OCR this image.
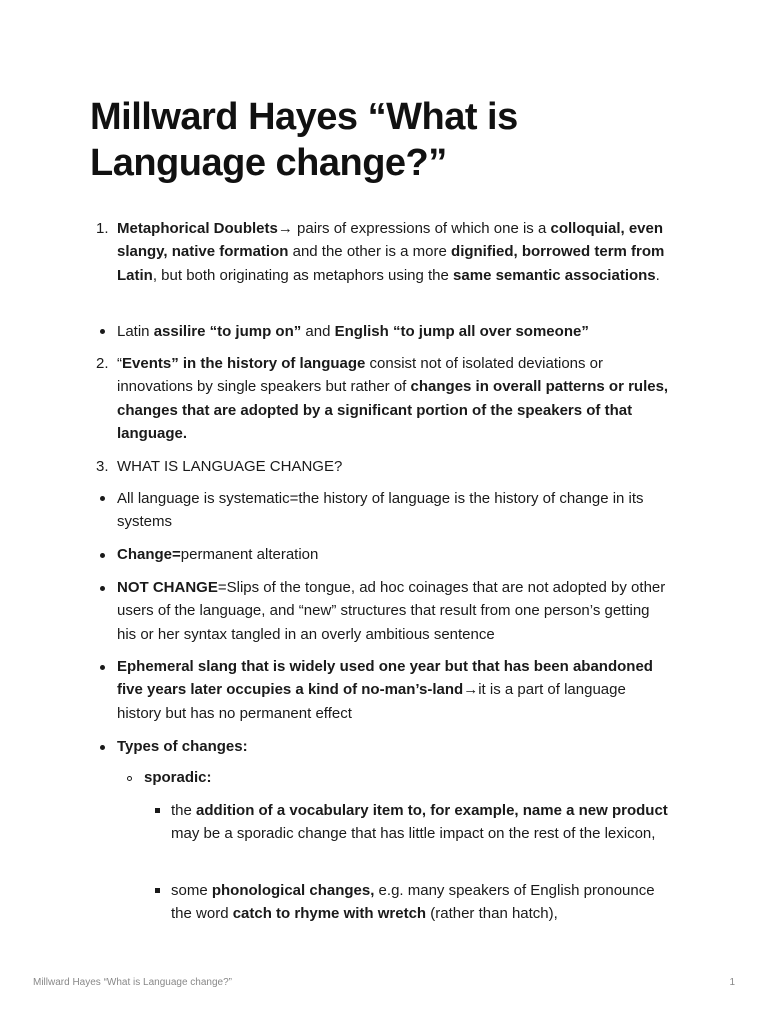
Millward Hayes “What is Language change?”
1. Metaphorical Doublets→ pairs of expressions of which one is a colloquial, even slangy, native formation and the other is a more dignified, borrowed term from Latin, but both originating as metaphors using the same semantic associations.
Latin assilire “to jump on” and English “to jump all over someone”
2. “Events” in the history of language consist not of isolated deviations or innovations by single speakers but rather of changes in overall patterns or rules, changes that are adopted by a significant portion of the speakers of that language.
3. WHAT IS LANGUAGE CHANGE?
All language is systematic=the history of language is the history of change in its systems
Change=permanent alteration
NOT CHANGE=Slips of the tongue, ad hoc coinages that are not adopted by other users of the language, and “new” structures that result from one person’s getting his or her syntax tangled in an overly ambitious sentence
Ephemeral slang that is widely used one year but that has been abandoned five years later occupies a kind of no-man’s-land→it is a part of language history but has no permanent effect
Types of changes:
sporadic:
the addition of a vocabulary item to, for example, name a new product may be a sporadic change that has little impact on the rest of the lexicon,
some phonological changes, e.g. many speakers of English pronounce the word catch to rhyme with wretch (rather than hatch),
Millward Hayes “What is Language change?”	1
